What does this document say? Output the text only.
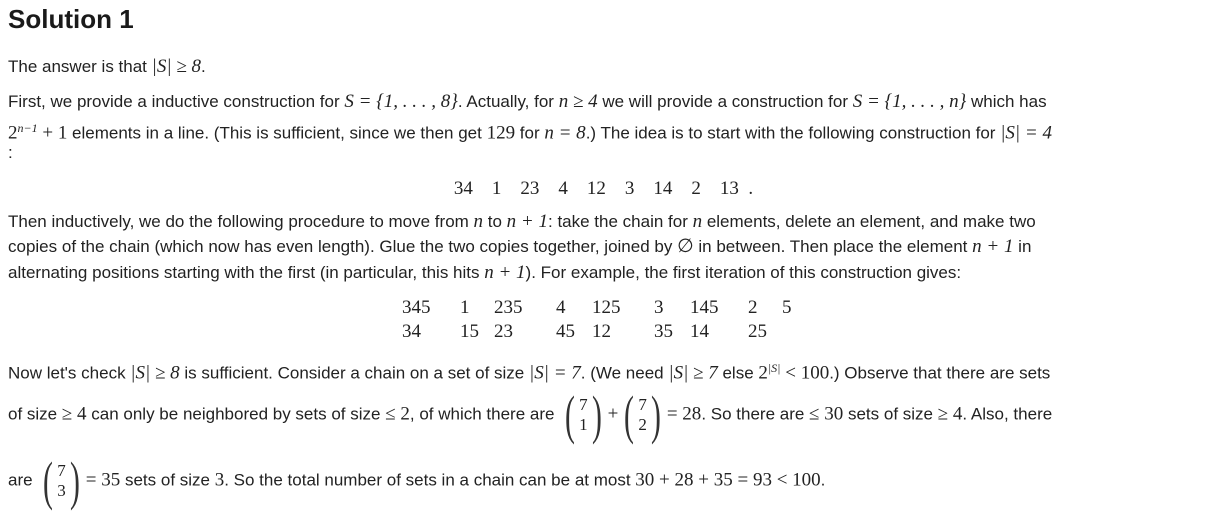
Solution 1
The answer is that |S| ≥ 8.
First, we provide a inductive construction for S = {1, . . . , 8}. Actually, for n ≥ 4 we will provide a construction for S = {1, . . . , n} which has
$2^{n-1} + 1$ elements in a line. (This is sufficient, since we then get 129 for n = 8.) The idea is to start with the following construction for |S| = 4
:
34 1 23 4 12 3 14 2 13 .
Then inductively, we do the following procedure to move from n to n + 1: take the chain for n elements, delete an element, and make two
copies of the chain (which now has even length). Glue the two copies together, joined by ∅ in between. Then place the element n + 1 in
alternating positions starting with the first (in particular, this hits n + 1). For example, the first iteration of this construction gives:
345	1	235	4	125	3	145	2	5
34	15	23	45	12	35	14	25	
Now let's check |S| ≥ 8 is sufficient. Consider a chain on a set of size |S| = 7. (We need |S| ≥ 7 else $2^{|S|} < 100$.) Observe that there are sets
of size ≥ 4 can only be neighbored by sets of size ≤ 2, of which there are ( 7
1 ) + ( 7
2 ) = 28. So there are ≤ 30 sets of size ≥ 4. Also, there
are ( 7
3 ) = 35 sets of size 3. So the total number of sets in a chain can be at most 30 + 28 + 35 = 93 < 100.
